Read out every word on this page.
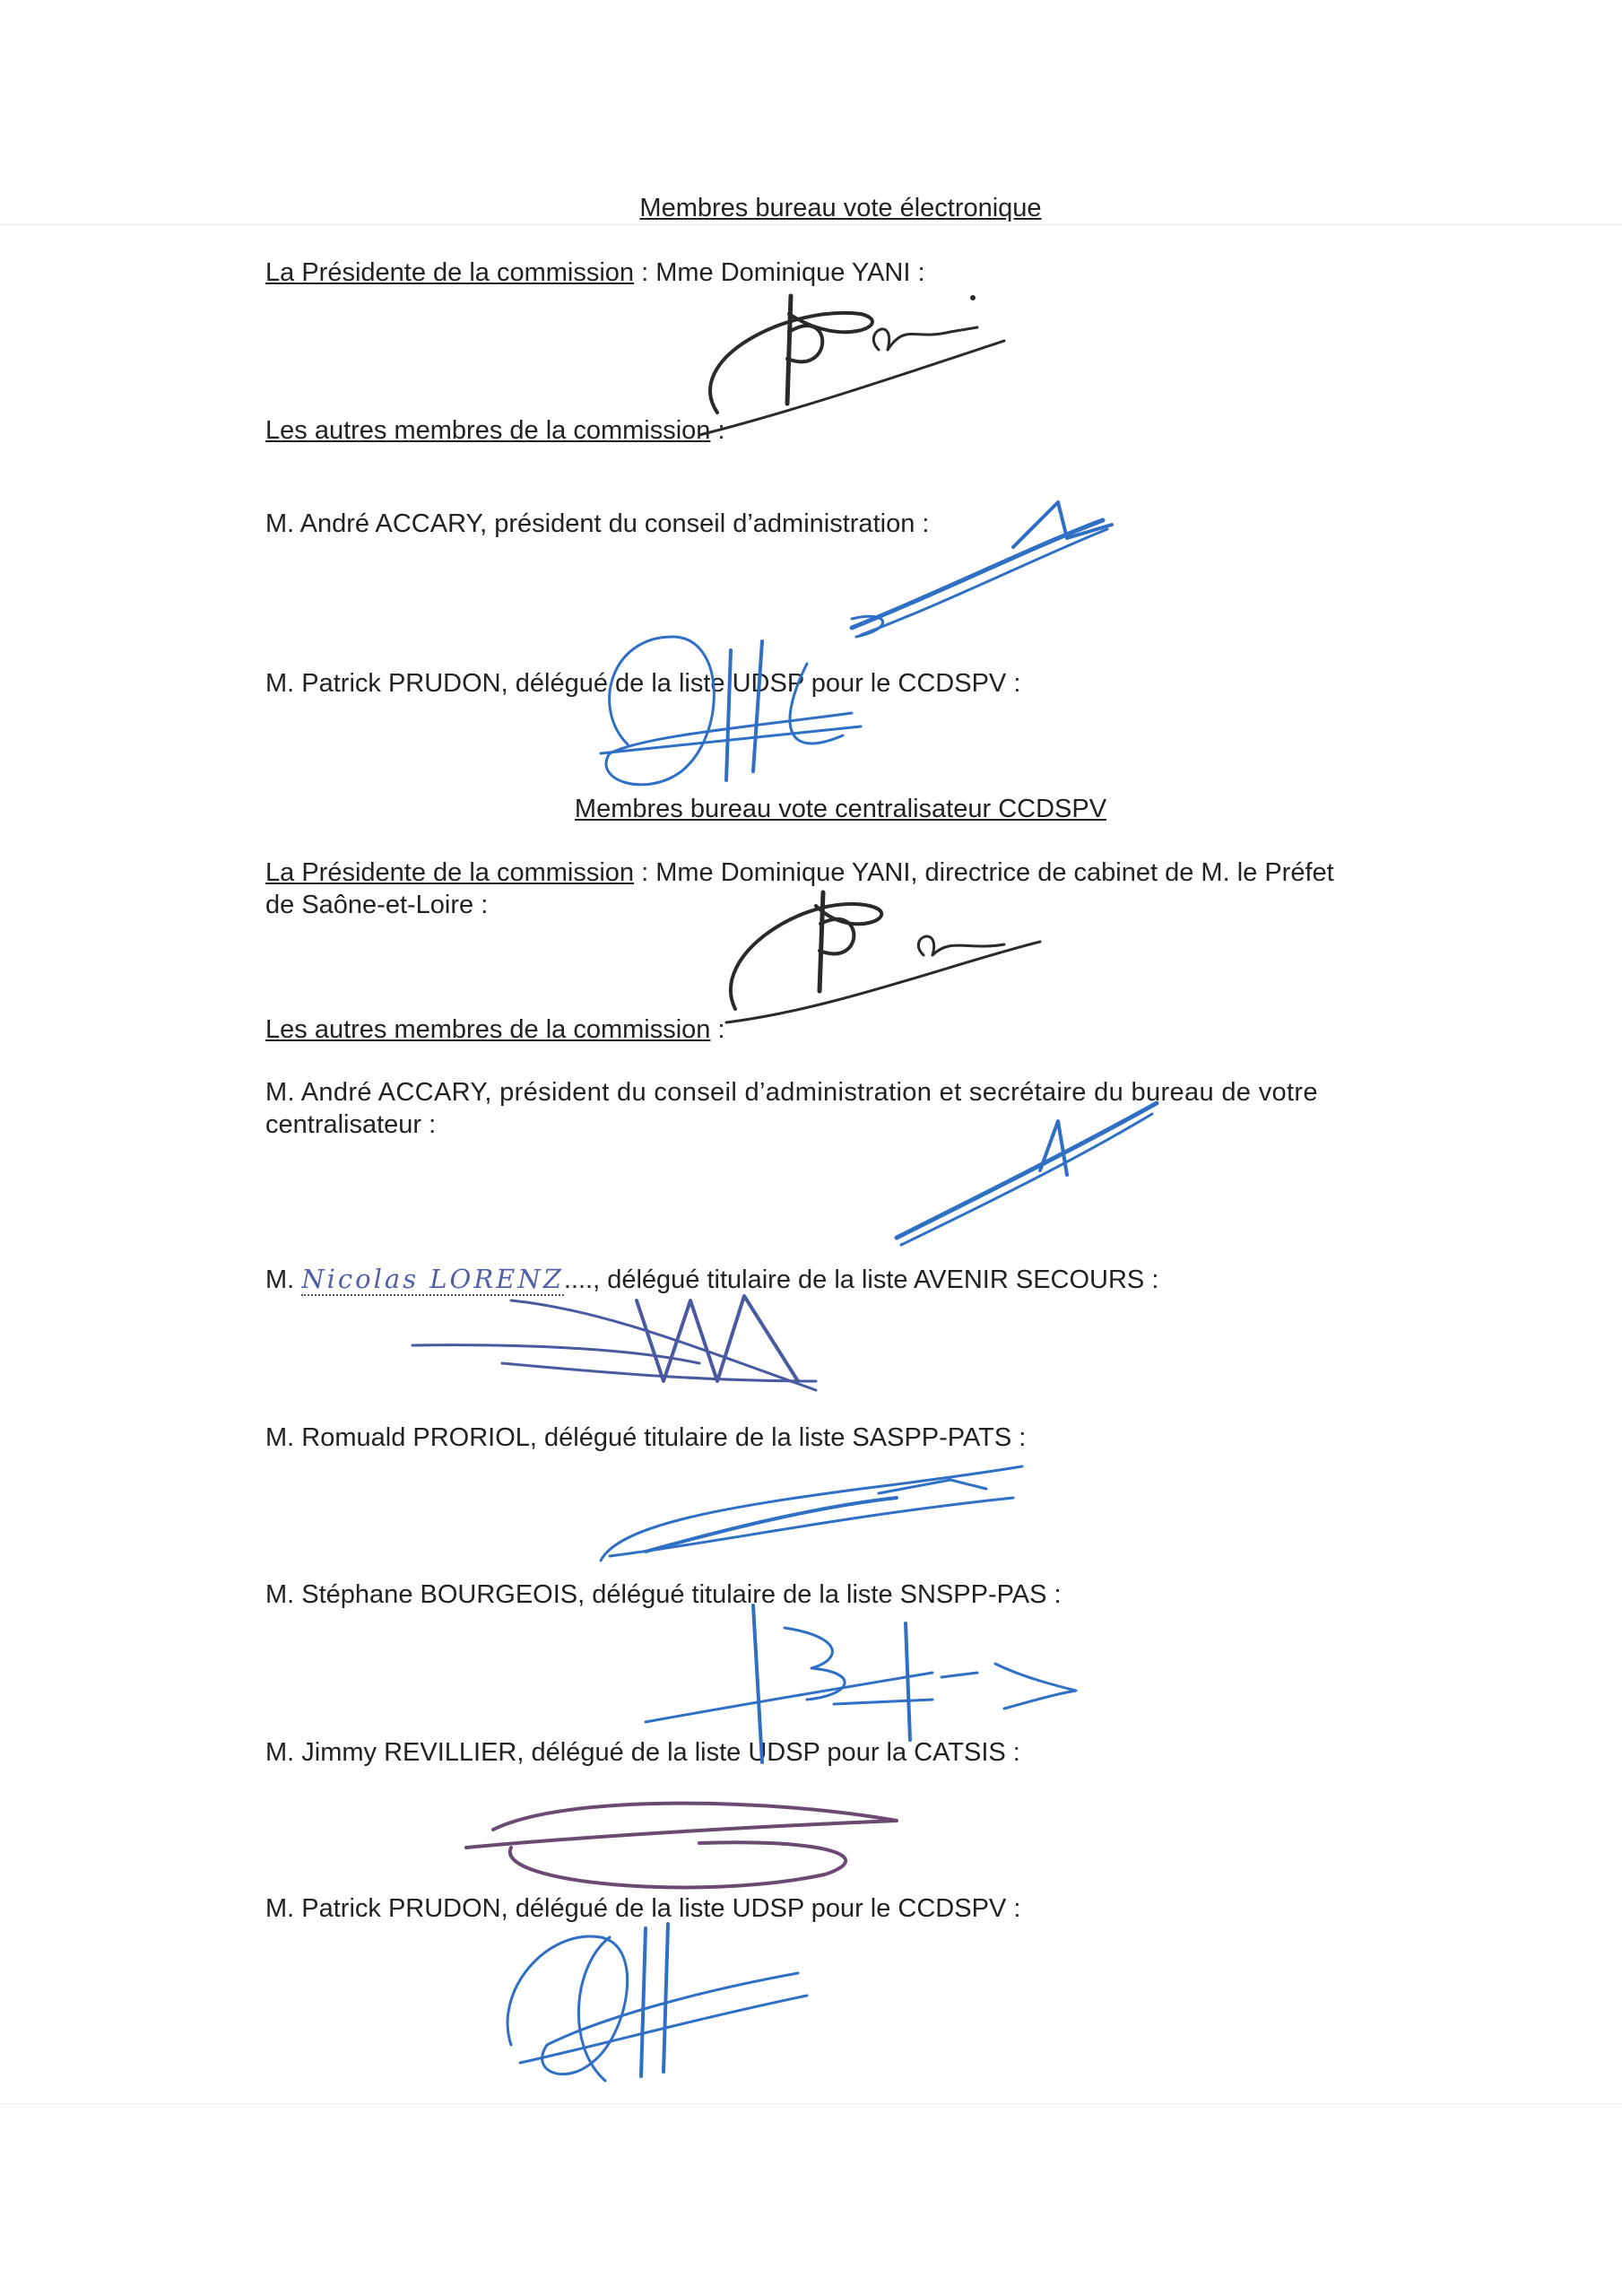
Membres bureau vote électronique
La Présidente de la commission : Mme Dominique YANI :
Les autres membres de la commission :
M. André ACCARY, président du conseil d’administration :
M. Patrick PRUDON, délégué de la liste UDSP pour le CCDSPV :
Membres bureau vote centralisateur CCDSPV
La Présidente de la commission : Mme Dominique YANI, directrice de cabinet de M. le Préfet
de Saône-et-Loire :
Les autres membres de la commission :
M. André ACCARY, président du conseil d’administration et secrétaire du bureau de votre
centralisateur :
M. Nicolas LORENZ...., délégué titulaire de la liste AVENIR SECOURS :
M. Romuald PRORIOL, délégué titulaire de la liste SASPP-PATS :
M. Stéphane BOURGEOIS, délégué titulaire de la liste SNSPP-PAS :
M. Jimmy REVILLIER, délégué de la liste UDSP pour la CATSIS :
M. Patrick PRUDON, délégué de la liste UDSP pour le CCDSPV :
